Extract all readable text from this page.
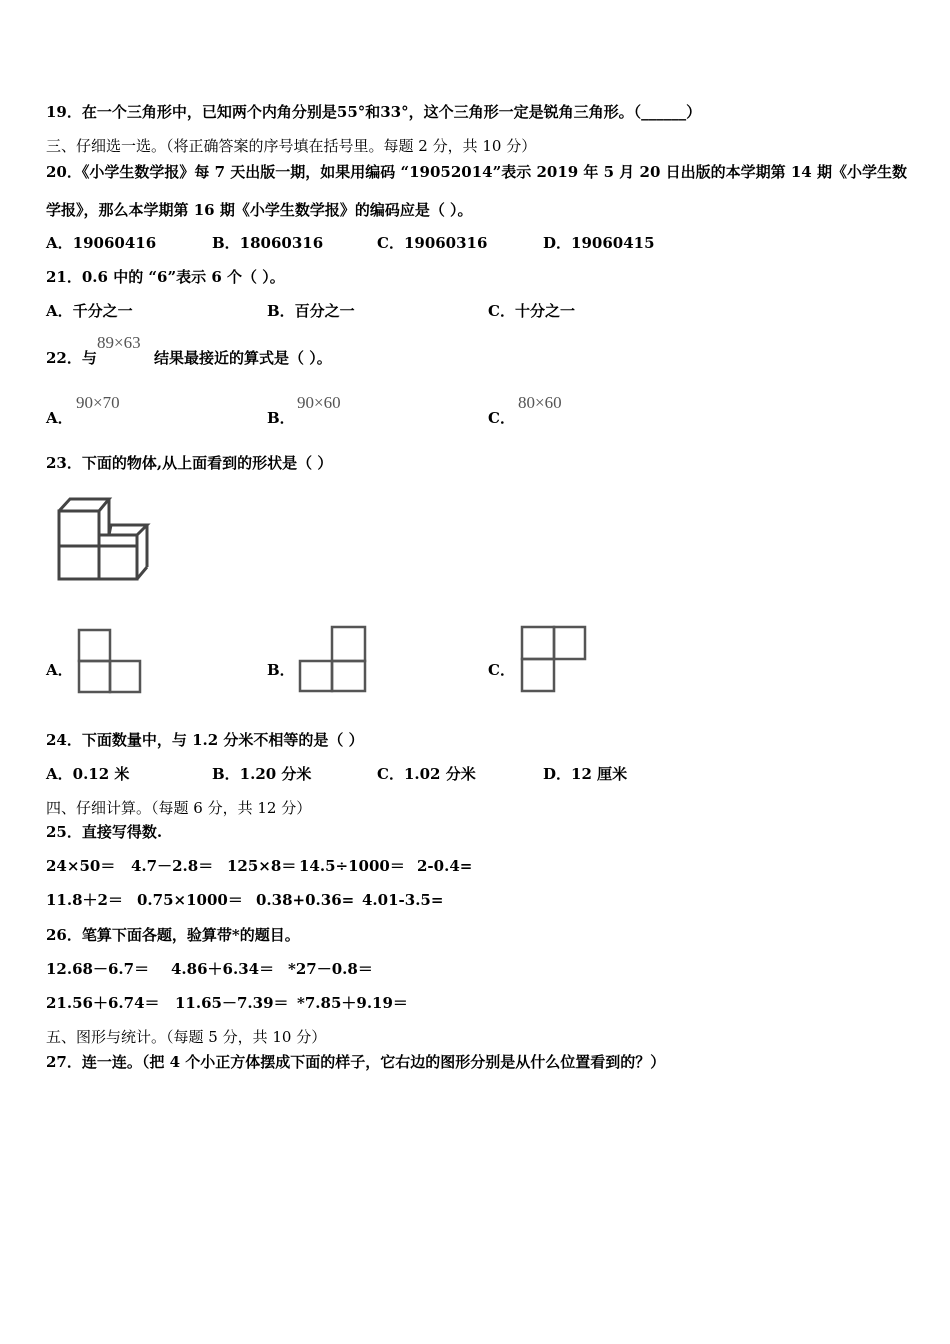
19．在一个三角形中，已知两个内角分别是55°和33°，这个三角形一定是锐角三角形。（______）
三、仔细选一选。（将正确答案的序号填在括号里。每题 2 分，共 10 分）
20．《小学生数学报》每 7 天出版一期，如果用编码 “19052014”表示 2019 年 5 月 20 日出版的本学期第 14 期《小学生数
学报》，那么本学期第 16 期《小学生数学报》的编码应是（ ）。
A．19060416	B．18060316	C．19060316	D．19060415
21．0.6 中的 “6”表示 6 个（ ）。
A．千分之一	B．百分之一	C．十分之一
22．与
89×63
结果最接近的算式是（ ）。
A．
90×70
B．
90×60
C．
80×60
23．下面的物体,从上面看到的形状是（ ）
A．	B．	C．
24．下面数量中，与 1.2 分米不相等的是（ ）
A．0.12 米	B．1.20 分米	C．1.02 分米	D．12 厘米
四、仔细计算。（每题 6 分，共 12 分）
25．直接写得数.
24×50＝ 4.7－2.8＝ 125×8＝ 14.5÷1000＝ 2-0.4=
11.8＋2＝ 0.75×1000＝ 0.38+0.36= 4.01-3.5=
26．笔算下面各题，验算带*的题目。
12.68－6.7＝ 4.86＋6.34＝ *27－0.8＝
21.56＋6.74＝ 11.65－7.39＝ *7.85＋9.19＝
五、图形与统计。（每题 5 分，共 10 分）
27．连一连。（把 4 个小正方体摆成下面的样子，它右边的图形分别是从什么位置看到的？）
